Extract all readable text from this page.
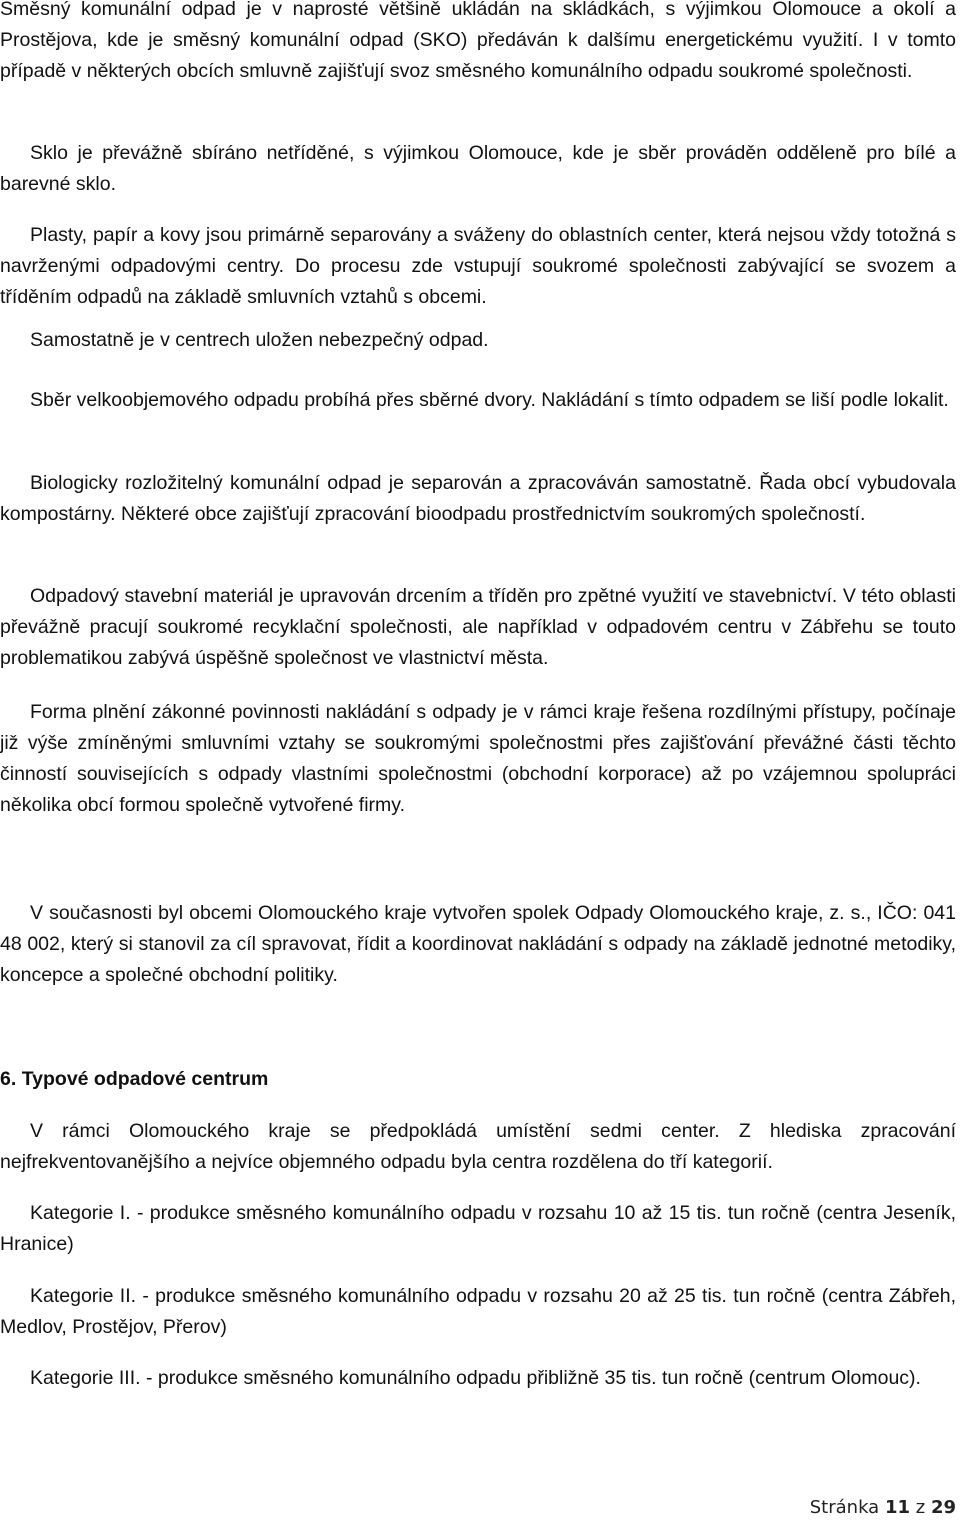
Směsný komunální odpad je v naprosté většině ukládán na skládkách, s výjimkou Olomouce a okolí a Prostějova, kde je směsný komunální odpad (SKO) předáván k dalšímu energetickému využití. I v tomto případě v některých obcích smluvně zajišťují svoz směsného komunálního odpadu soukromé společnosti.

Sklo je převážně sbíráno netříděné, s výjimkou Olomouce, kde je sběr prováděn odděleně pro bílé a barevné sklo.

Plasty, papír a kovy jsou primárně separovány a sváženy do oblastních center, která nejsou vždy totožná s navrženými odpadovými centry. Do procesu zde vstupují soukromé společnosti zabývající se svozem a tříděním odpadů na základě smluvních vztahů s obcemi.

Forma plnění zákonné povinnosti nakládání s odpady je v rámci kraje řešena rozdílnými přístupy, počínaje již výše zmíněnými smluvními vztahy se soukromými společnostmi přes zajišťování převážné části těchto činností souvisejících s odpady vlastními společnostmi (obchodní korporace) až po vzájemnou spolupráci několika obcí formou společně vytvořené firmy.

Samostatně je v centrech uložen nebezpečný odpad.

Sběr velkoobjemového odpadu probíhá přes sběrné dvory. Nakládání s tímto odpadem se liší podle lokalit.

Biologicky rozložitelný komunální odpad je separován a zpracováván samostatně. Řada obcí vybudovala kompostárny. Některé obce zajišťují zpracování bioodpadu prostřednictvím soukromých společností.

Odpadový stavební materiál je upravován drcením a tříděn pro zpětné využití ve stavebnictví. V této oblasti převážně pracují soukromé recyklační společnosti, ale například v odpadovém centru v Zábřehu se touto problematikou zabývá úspěšně společnost ve vlastnictví města.

V současnosti byl obcemi Olomouckého kraje vytvořen spolek Odpady Olomouckého kraje, z. s., IČO: 041 48 002, který si stanovil za cíl spravovat, řídit a koordinovat nakládání s odpady na základě jednotné metodiky, koncepce a společné obchodní politiky.

6. Typové odpadové centrum

V rámci Olomouckého kraje se předpokládá umístění sedmi center. Z hlediska zpracování nejfrekventovanějšího a nejvíce objemného odpadu byla centra rozdělena do tří kategorií.

Kategorie I. - produkce směsného komunálního odpadu v rozsahu 10 až 15 tis. tun ročně (centra Jeseník, Hranice)

Kategorie II. - produkce směsného komunálního odpadu v rozsahu 20 až 25 tis. tun ročně (centra Zábřeh, Medlov, Prostějov, Přerov)

Kategorie III. - produkce směsného komunálního odpadu přibližně 35 tis. tun ročně (centrum Olomouc).

Stránka 11 z 29
